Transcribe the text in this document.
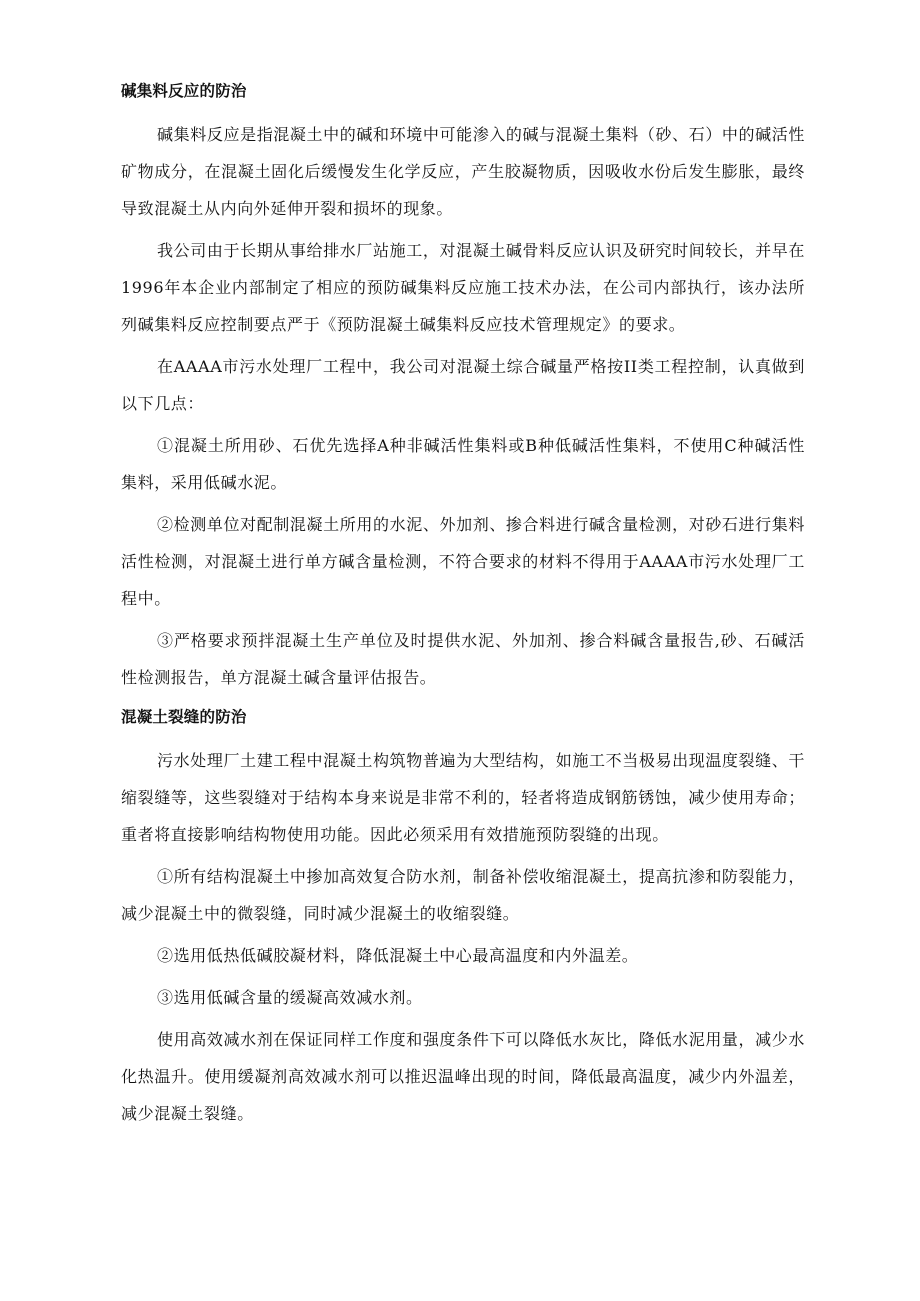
碱集料反应的防治

碱集料反应是指混凝土中的碱和环境中可能渗入的碱与混凝土集料（砂、石）中的碱活性矿物成分，在混凝土固化后缓慢发生化学反应，产生胶凝物质，因吸收水份后发生膨胀，最终导致混凝土从内向外延伸开裂和损坏的现象。

我公司由于长期从事给排水厂站施工，对混凝土碱骨料反应认识及研究时间较长，并早在1996年本企业内部制定了相应的预防碱集料反应施工技术办法，在公司内部执行，该办法所列碱集料反应控制要点严于《预防混凝土碱集料反应技术管理规定》的要求。

在AAAA市污水处理厂工程中，我公司对混凝土综合碱量严格按II类工程控制，认真做到以下几点：

①混凝土所用砂、石优先选择A种非碱活性集料或B种低碱活性集料，不使用C种碱活性集料，采用低碱水泥。

②检测单位对配制混凝土所用的水泥、外加剂、掺合料进行碱含量检测，对砂石进行集料活性检测，对混凝土进行单方碱含量检测，不符合要求的材料不得用于AAAA市污水处理厂工程中。

③严格要求预拌混凝土生产单位及时提供水泥、外加剂、掺合料碱含量报告,砂、石碱活性检测报告，单方混凝土碱含量评估报告。

混凝土裂缝的防治

污水处理厂土建工程中混凝土构筑物普遍为大型结构，如施工不当极易出现温度裂缝、干缩裂缝等，这些裂缝对于结构本身来说是非常不利的，轻者将造成钢筋锈蚀，减少使用寿命；重者将直接影响结构物使用功能。因此必须采用有效措施预防裂缝的出现。

①所有结构混凝土中掺加高效复合防水剂，制备补偿收缩混凝土，提高抗渗和防裂能力，减少混凝土中的微裂缝，同时减少混凝土的收缩裂缝。

②选用低热低碱胶凝材料，降低混凝土中心最高温度和内外温差。

③选用低碱含量的缓凝高效减水剂。

使用高效减水剂在保证同样工作度和强度条件下可以降低水灰比，降低水泥用量，减少水化热温升。使用缓凝剂高效减水剂可以推迟温峰出现的时间，降低最高温度，减少内外温差，减少混凝土裂缝。
